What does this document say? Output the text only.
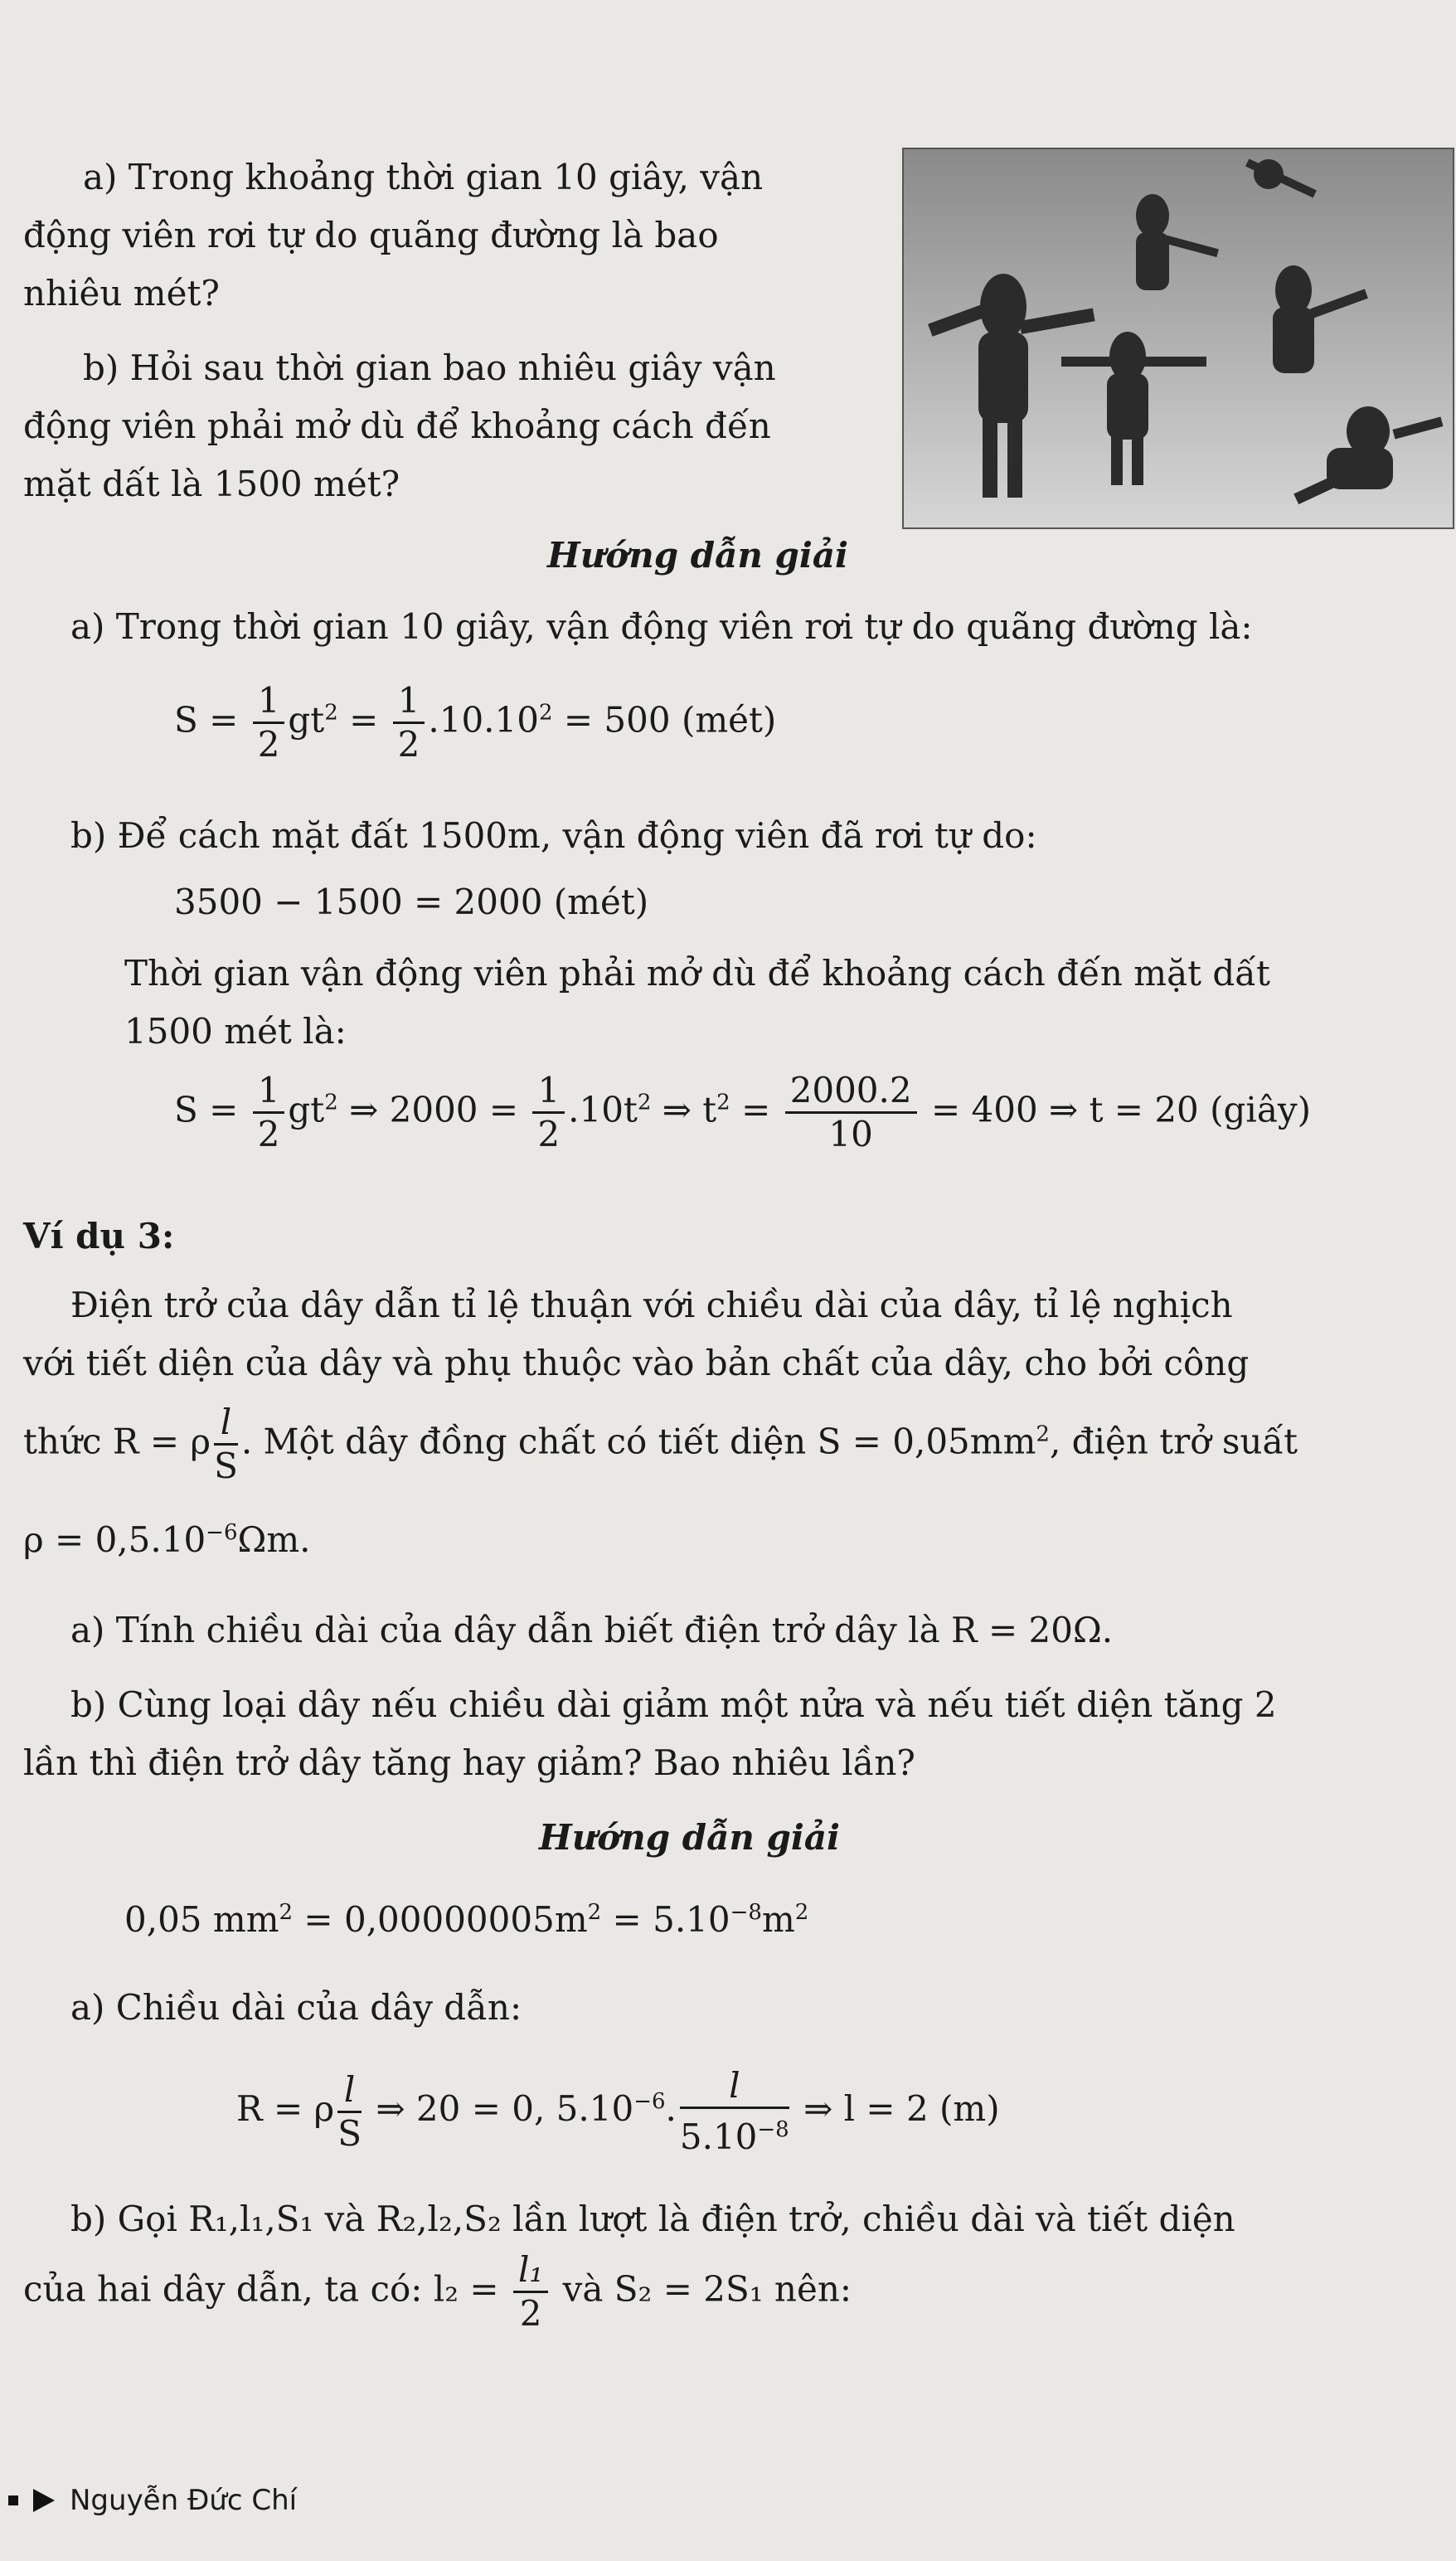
a) Trong khoảng thời gian 10 giây, vận
động viên rơi tự do quãng đường là bao
nhiêu mét?
b) Hỏi sau thời gian bao nhiêu giây vận
động viên phải mở dù để khoảng cách đến
mặt dất là 1500 mét?
Hướng dẫn giải
a) Trong thời gian 10 giây, vận động viên rơi tự do quãng đường là:
$S = \frac{1}{2} gt^2 = \frac{1}{2} .10.10^2 = 500$ (mét)
b) Để cách mặt đất 1500m, vận động viên đã rơi tự do:
3500 − 1500 = 2000 (mét)
Thời gian vận động viên phải mở dù để khoảng cách đến mặt dất
1500 mét là:
$S = \frac{1}{2} gt^2$ ⇒ $2000 = \frac{1}{2} .10t^2$ ⇒ $t^2 = \frac{2000.2}{10} = 400$ ⇒ t = 20 (giây)
Ví dụ 3:
Điện trở của dây dẫn tỉ lệ thuận với chiều dài của dây, tỉ lệ nghịch
với tiết diện của dây và phụ thuộc vào bản chất của dây, cho bởi công
thức R = ρ $\frac{l}{S}$ . Một dây đồng chất có tiết diện $S = 0,05mm^2$, điện trở suất
$\rho = 0,5.10^{-6}\Omega m$.
a) Tính chiều dài của dây dẫn biết điện trở dây là R = 20Ω.
b) Cùng loại dây nếu chiều dài giảm một nửa và nếu tiết diện tăng 2
lần thì điện trở dây tăng hay giảm? Bao nhiêu lần?
Hướng dẫn giải
0,05 $mm^2 = 0,00000005m^2 = 5.10^{-8}m^2$
a) Chiều dài của dây dẫn:
R = ρ $\frac{l}{S}$ ⇒ 20 = 0, $5.10^{-6}$. $\frac{l}{5.10^{-8}}$ ⇒ l = 2 (m)
b) Gọi R₁,l₁,S₁ và R₂,l₂,S₂ lần lượt là điện trở, chiều dài và tiết diện
của hai dây dẫn, ta có: $l_2 = \frac{\text{l₁}}{2}$ và S₂ = 2S₁ nên:
Nguyễn Đức Chí
